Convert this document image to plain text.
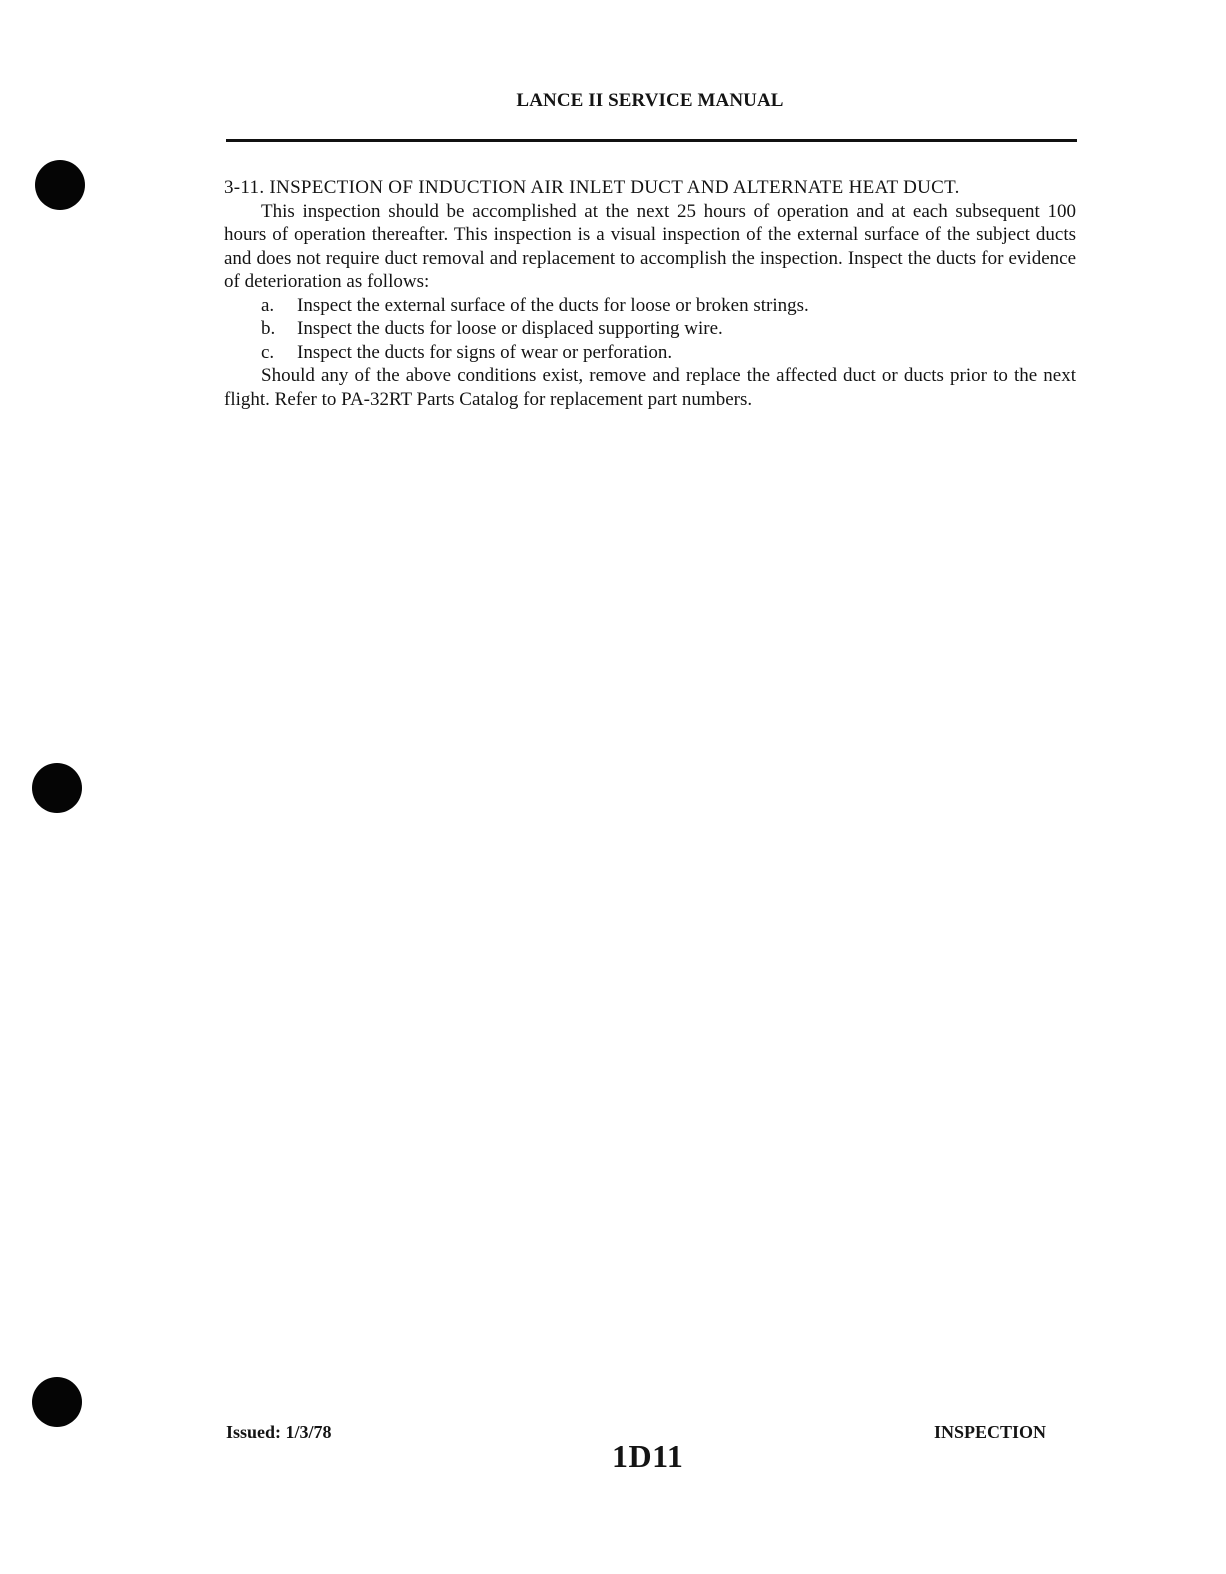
LANCE II SERVICE MANUAL

3-11. INSPECTION OF INDUCTION AIR INLET DUCT AND ALTERNATE HEAT DUCT.

This inspection should be accomplished at the next 25 hours of operation and at each subsequent 100 hours of operation thereafter. This inspection is a visual inspection of the external surface of the subject ducts and does not require duct removal and replacement to accomplish the inspection. Inspect the ducts for evidence of deterioration as follows:

a.	Inspect the external surface of the ducts for loose or broken strings.
b.	Inspect the ducts for loose or displaced supporting wire.
c.	Inspect the ducts for signs of wear or perforation.

Should any of the above conditions exist, remove and replace the affected duct or ducts prior to the next flight. Refer to PA-32RT Parts Catalog for replacement part numbers.

Issued: 1/3/78
1D11
INSPECTION
